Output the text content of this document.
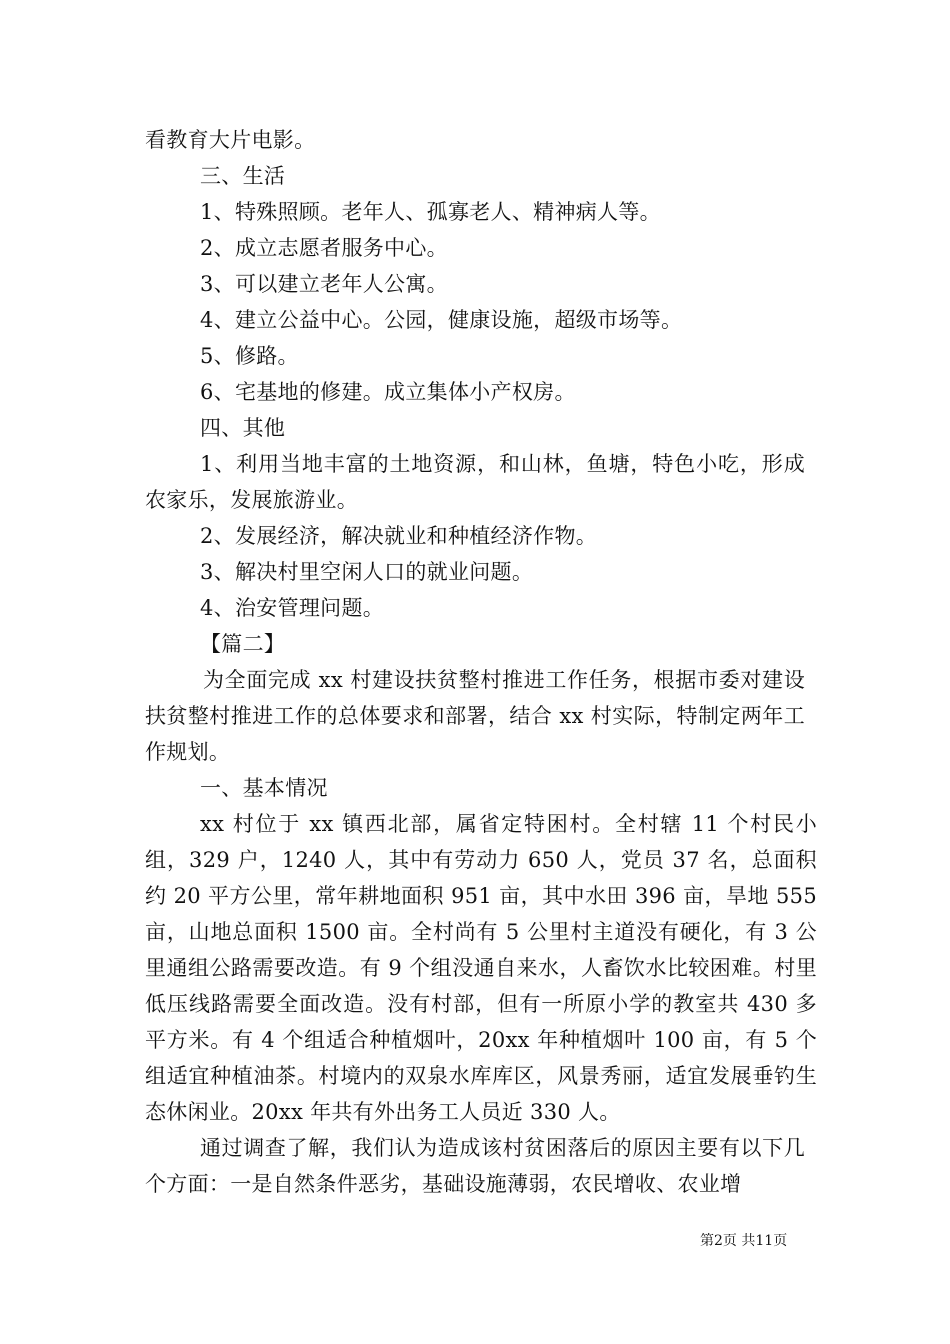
看教育大片电影。
三、生活
1、特殊照顾。老年人、孤寡老人、精神病人等。
2、成立志愿者服务中心。
3、可以建立老年人公寓。
4、建立公益中心。公园，健康设施，超级市场等。
5、修路。
6、宅基地的修建。成立集体小产权房。
四、其他
1、利用当地丰富的土地资源，和山林，鱼塘，特色小吃，形成农家乐，发展旅游业。
2、发展经济，解决就业和种植经济作物。
3、解决村里空闲人口的就业问题。
4、治安管理问题。
【篇二】
为全面完成 xx 村建设扶贫整村推进工作任务，根据市委对建设扶贫整村推进工作的总体要求和部署，结合 xx 村实际，特制定两年工作规划。
一、基本情况
xx 村位于 xx 镇西北部，属省定特困村。全村辖 11 个村民小组，329 户，1240 人，其中有劳动力 650 人，党员 37 名，总面积约 20 平方公里，常年耕地面积 951 亩，其中水田 396 亩，旱地 555 亩，山地总面积 1500 亩。全村尚有 5 公里村主道没有硬化，有 3 公里通组公路需要改造。有 9 个组没通自来水，人畜饮水比较困难。村里低压线路需要全面改造。没有村部，但有一所原小学的教室共 430 多平方米。有 4 个组适合种植烟叶，20xx 年种植烟叶 100 亩，有 5 个组适宜种植油茶。村境内的双泉水库库区，风景秀丽，适宜发展垂钓生态休闲业。20xx 年共有外出务工人员近 330 人。
通过调查了解，我们认为造成该村贫困落后的原因主要有以下几个方面：一是自然条件恶劣，基础设施薄弱，农民增收、农业增
第2页 共11页
